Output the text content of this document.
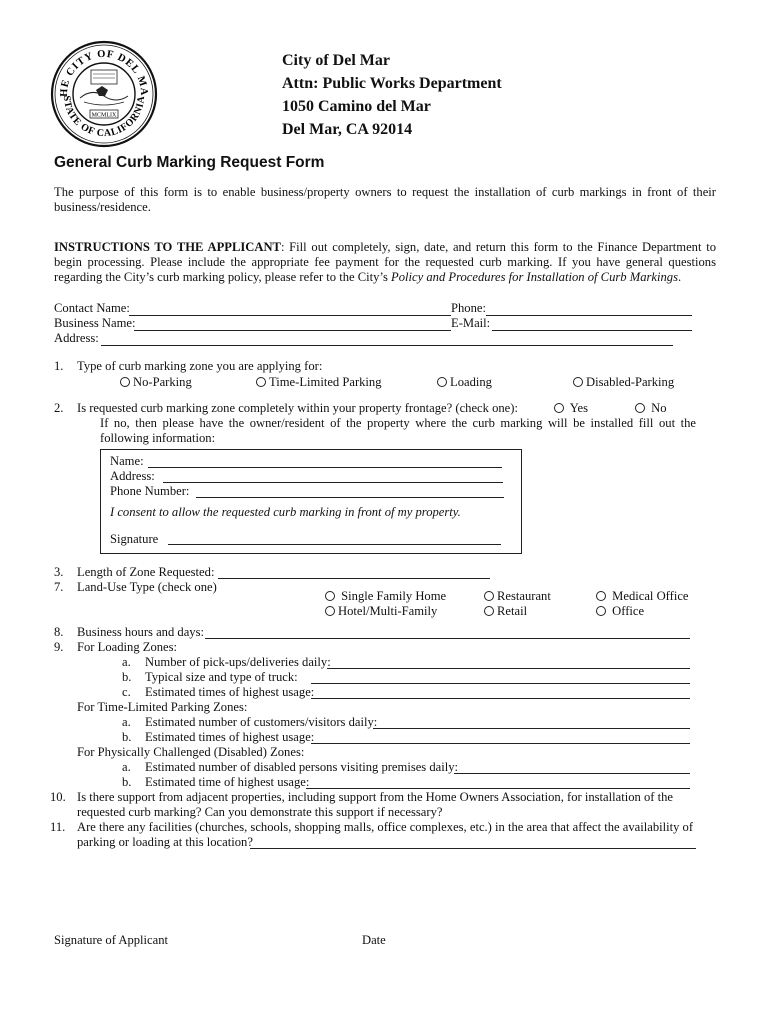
HE CITY OF DEL MA
STATE OF CALIFORNIA
MCMLIX
City of Del Mar
Attn: Public Works Department
1050 Camino del Mar
Del Mar, CA 92014
General Curb Marking Request Form
The purpose of this form is to enable business/property owners to request the installation of curb markings in front of their business/residence.
INSTRUCTIONS TO THE APPLICANT: Fill out completely, sign, date, and return this form to the Finance Department to begin processing. Please include the appropriate fee payment for the requested curb marking. If you have general questions regarding the City’s curb marking policy, please refer to the City’s Policy and Procedures for Installation of Curb Markings.
Contact Name:	Phone:
Business Name:	E-Mail:
Address:
1. Type of curb marking zone you are applying for:
No-Parking	Time-Limited Parking	Loading	Disabled-Parking
2. Is requested curb marking zone completely within your property frontage? (check one):	Yes	No
If no, then please have the owner/resident of the property where the curb marking will be installed fill out the
following information:
Name:
Address:
Phone Number:
I consent to allow the requested curb marking in front of my property.
Signature
3. Length of Zone Requested:
7. Land-Use Type (check one)
Single Family Home	Restaurant	Medical Office
Hotel/Multi-Family	Retail	Office
8. Business hours and days:
9. For Loading Zones:
a. Number of pick-ups/deliveries daily:
b. Typical size and type of truck:
c. Estimated times of highest usage:
For Time-Limited Parking Zones:
a. Estimated number of customers/visitors daily:
b. Estimated times of highest usage:
For Physically Challenged (Disabled) Zones:
a. Estimated number of disabled persons visiting premises daily:
b. Estimated time of highest usage:
10. Is there support from adjacent properties, including support from the Home Owners Association, for installation of the
requested curb marking? Can you demonstrate this support if necessary?
11. Are there any facilities (churches, schools, shopping malls, office complexes, etc.) in the area that affect the availability of
parking or loading at this location?
Signature of Applicant	Date
